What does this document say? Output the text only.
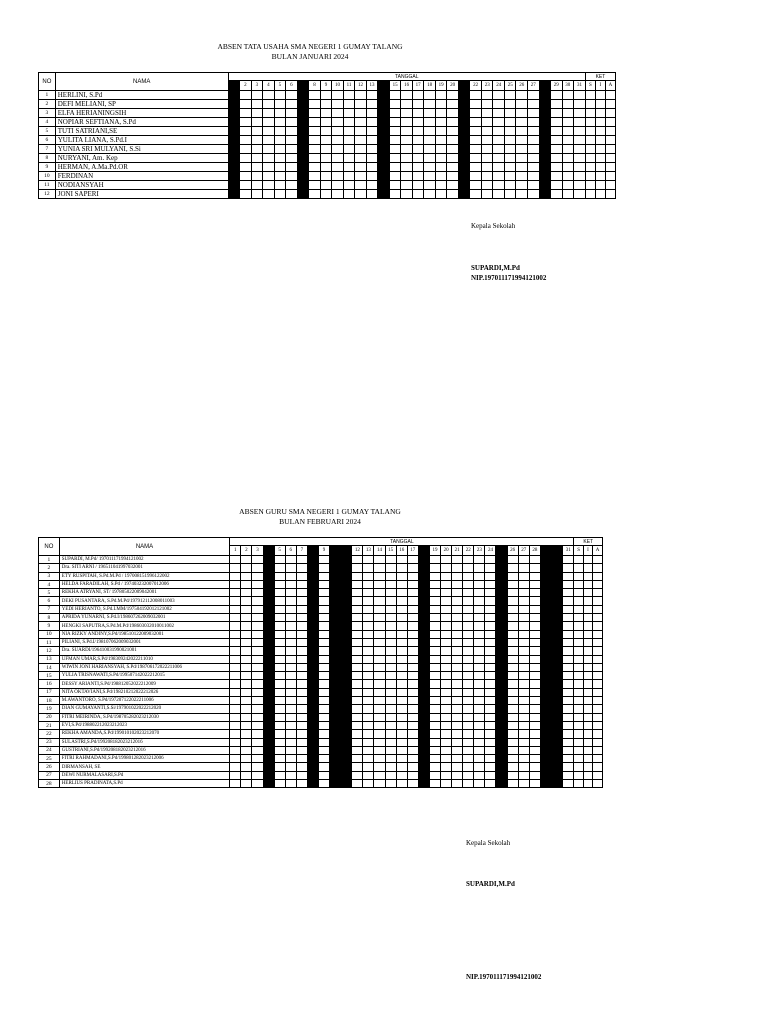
ABSEN TATA USAHA SMA NEGERI 1 GUMAY TALANG
BULAN JANUARI 2024
NO	NAMA	TANGGAL																															KET		
		1	2	3	4	5	6	7	8	9	10	11	12	13	14	15	16	17	18	19	20	21	22	23	24	25	26	27	28	29	30	31	S	I	A
1	HERLINI, S.Pd																																		
2	DEFI MELIANI, SP																																		
3	ELFA HERIANINGSIH																																		
4	NOPIAR SEFTIANA, S.Pd																																		
5	TUTI SATRIANI,SE																																		
6	YULITA LIANA, S.Pd.I																																		
7	YUNIA SRI MULYANI, S.Si																																		
8	NURYANI, Am. Kep																																		
9	HERMAN, A.Ma.Pd.OR																																		
10	FERDINAN																																		
11	NODIANSYAH																																		
12	JONI SAPERI																																		
Kepala Sekolah
SUPARDI,M.Pd
NIP.197011171994121002
ABSEN GURU SMA NEGERI 1 GUMAY TALANG
BULAN FEBRUARI 2024
NO	NAMA	TANGGAL																															KET		
		1	2	3	4	5	6	7	8	9	10	11	12	13	14	15	16	17	18	19	20	21	22	23	24	25	26	27	28	29	30	31	S	I	A
1	SUPARDI, M.Pd/ 197011171994121002																																		
2	Dra. SITI ARNI / 196511041997032001																																		
3	ETY RUSPITAH, S.Pd.M.Pd / 197008151996122002																																		
4	HELDA FARADILAH, S.Pd / 197403232007012006																																		
5	REKHA ATRYANI, ST/ 197805022009042001																																		
6	DEKI PUSANTARA, S.Pd.M.Pd/197912112008011003																																		
7	YEDI HERIANTO, S.Pd.I.MM/197504192012121002																																		
8	APRIDA YUNARNI, S.Pd.I/198607262009032001																																		
9	HENGKI SAPUTRA,S.Pd.M.Pd/198603032010011002																																		
10	NIA RIZKY ANDINY,S.Pd/198510122009032001																																		
11	PILIANI, S.Pd.I/198107062009032001																																		
12	Dra. SUARDI/196410031990021001																																		
13	UFMAN UMAR,S.Pd/198309242022211010																																		
14	WIWIN JONI HARIANSYAH, S.Pd/198706172022211006																																		
15	YULIA TRISNAWATI,S.Pd/199507142022212015																																		
16	DESSY ARIANTI,S.Pd/198812052022212009																																		
17	NITA OKTAVIANI,S.Pd/198210212022212026																																		
18	M.AWANTORO, S.Pd/197207122022211006																																		
19	DIAN GUMAYANTI,S.Si/197901022022212020																																		
20	FITRI MEIRINDA, S.Pd/198705282023212030																																		
21	EVI,S.Pd/198802212023212023																																		
22	REKHA AMANDA,S.Pd/199010102023212070																																		
23	SULASTRI,S.Pd/199208182023212016																																		
24	GUSTRIANI,S.Pd/199208182023212016																																		
25	FITRI RAHMADANI,S.Pd/199801282023212006																																		
26	DIRMANSAH, SE																																		
27	DEWI NURMALASARI,S.Pd																																		
28	HERLIUS PRADINATA,S.Pd																																		
Kepala Sekolah
SUPARDI,M.Pd
NIP.197011171994121002
